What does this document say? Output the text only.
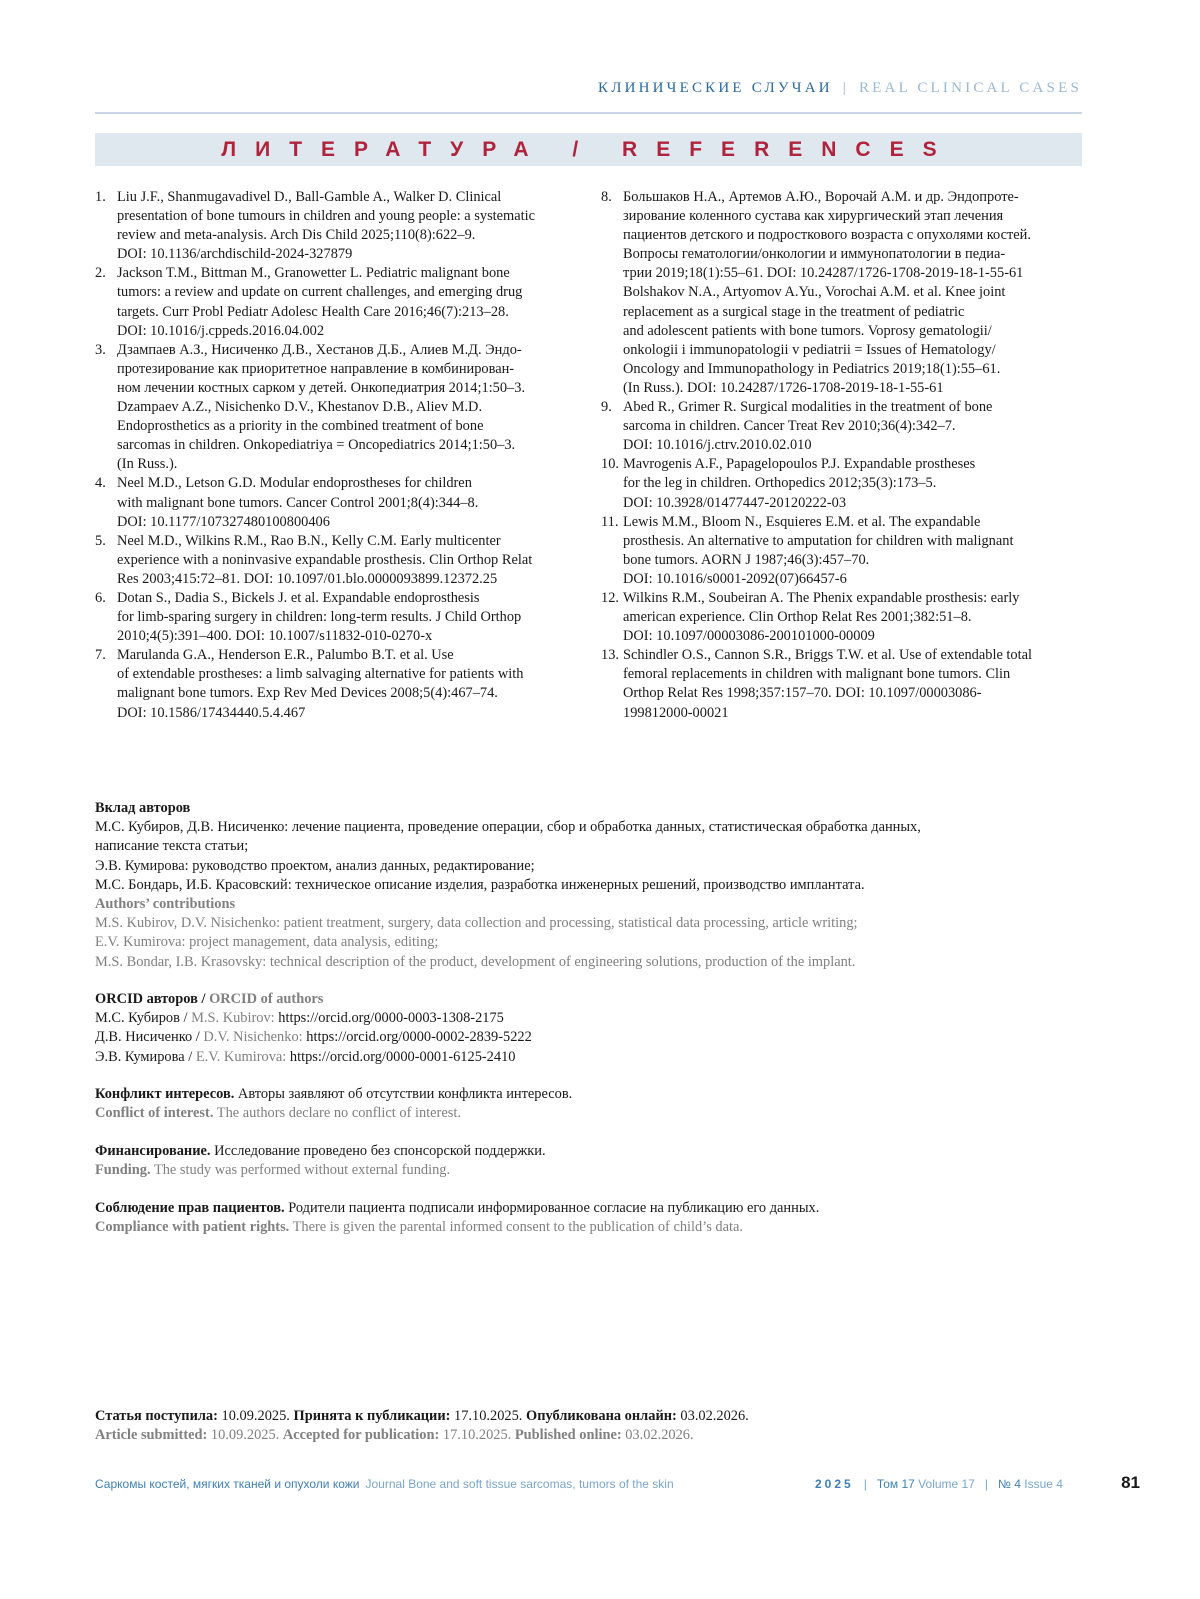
КЛИНИЧЕСКИЕ СЛУЧАИ | REAL CLINICAL CASES
ЛИТЕРАТУРА / REFERENCES
1. Liu J.F., Shanmugavadivel D., Ball-Gamble A., Walker D. Clinical
presentation of bone tumours in children and young people: a systematic
review and meta-analysis. Arch Dis Child 2025;110(8):622–9.
DOI: 10.1136/archdischild-2024-327879
2. Jackson T.M., Bittman M., Granowetter L. Pediatric malignant bone
tumors: a review and update on current challenges, and emerging drug
targets. Curr Probl Pediatr Adolesc Health Care 2016;46(7):213–28.
DOI: 10.1016/j.cppeds.2016.04.002
3. Дзампаев А.З., Нисиченко Д.В., Хестанов Д.Б., Алиев М.Д. Эндо-
протезирование как приоритетное направление в комбинирован-
ном лечении костных сарком у детей. Онкопедиатрия 2014;1:50–3.
Dzampaev A.Z., Nisichenko D.V., Khestanov D.B., Aliev M.D.
Endoprosthetics as a priority in the combined treatment of bone
sarcomas in children. Onkopediatriya = Oncopediatrics 2014;1:50–3.
(In Russ.).
4. Neel M.D., Letson G.D. Modular endoprostheses for children
with malignant bone tumors. Cancer Control 2001;8(4):344–8.
DOI: 10.1177/107327480100800406
5. Neel M.D., Wilkins R.M., Rao B.N., Kelly C.M. Early multicenter
experience with a noninvasive expandable prosthesis. Clin Orthop Relat
Res 2003;415:72–81. DOI: 10.1097/01.blo.0000093899.12372.25
6. Dotan S., Dadia S., Bickels J. et al. Expandable endoprosthesis
for limb-sparing surgery in children: long-term results. J Child Orthop
2010;4(5):391–400. DOI: 10.1007/s11832-010-0270-x
7. Marulanda G.A., Henderson E.R., Palumbo B.T. et al. Use
of extendable prostheses: a limb salvaging alternative for patients with
malignant bone tumors. Exp Rev Med Devices 2008;5(4):467–74.
DOI: 10.1586/17434440.5.4.467
8. Большаков Н.А., Артемов А.Ю., Ворочай А.М. и др. Эндопроте-
зирование коленного сустава как хирургический этап лечения
пациентов детского и подросткового возраста с опухолями костей.
Вопросы гематологии/онкологии и иммунопатологии в педиа-
трии 2019;18(1):55–61. DOI: 10.24287/1726-1708-2019-18-1-55-61
Bolshakov N.A., Artyomov A.Yu., Vorochai A.M. et al. Knee joint
replacement as a surgical stage in the treatment of pediatric
and adolescent patients with bone tumors. Voprosy gematologii/
onkologii i immunopatologii v pediatrii = Issues of Hematology/
Oncology and Immunopathology in Pediatrics 2019;18(1):55–61.
(In Russ.). DOI: 10.24287/1726-1708-2019-18-1-55-61
9. Abed R., Grimer R. Surgical modalities in the treatment of bone
sarcoma in children. Cancer Treat Rev 2010;36(4):342–7.
DOI: 10.1016/j.ctrv.2010.02.010
10. Mavrogenis A.F., Papagelopoulos P.J. Expandable prostheses
for the leg in children. Orthopedics 2012;35(3):173–5.
DOI: 10.3928/01477447-20120222-03
11. Lewis M.M., Bloom N., Esquieres E.M. et al. The expandable
prosthesis. An alternative to amputation for children with malignant
bone tumors. AORN J 1987;46(3):457–70.
DOI: 10.1016/s0001-2092(07)66457-6
12. Wilkins R.M., Soubeiran A. The Phenix expandable prosthesis: early
american experience. Clin Orthop Relat Res 2001;382:51–8.
DOI: 10.1097/00003086-200101000-00009
13. Schindler O.S., Cannon S.R., Briggs T.W. et al. Use of extendable total
femoral replacements in children with malignant bone tumors. Clin
Orthop Relat Res 1998;357:157–70. DOI: 10.1097/00003086-
199812000-00021

Вклад авторов

М.С. Кубиров, Д.В. Нисиченко: лечение пациента, проведение операции, сбор и обработка данных, статистическая обработка данных,

написание текста статьи;

Э.В. Кумирова: руководство проектом, анализ данных, редактирование;

М.С. Бондарь, И.Б. Красовский: техническое описание изделия, разработка инженерных решений, производство имплантата.

Authors’ contributions

M.S. Kubirov, D.V. Nisichenko: patient treatment, surgery, data collection and processing, statistical data processing, article writing;

E.V. Kumirova: project management, data analysis, editing;

M.S. Bondar, I.B. Krasovsky: technical description of the product, development of engineering solutions, production of the implant.

ORCID авторов / ORCID of authors

М.С. Кубиров / M.S. Kubirov: https://orcid.org/0000-0003-1308-2175

Д.В. Нисиченко / D.V. Nisichenko: https://orcid.org/0000-0002-2839-5222

Э.В. Кумирова / E.V. Kumirova: https://orcid.org/0000-0001-6125-2410

Конфликт интересов. Авторы заявляют об отсутствии конфликта интересов.

Conflict of interest. The authors declare no conflict of interest.

Финансирование. Исследование проведено без спонсорской поддержки.

Funding. The study was performed without external funding.

Соблюдение прав пациентов. Родители пациента подписали информированное согласие на публикацию его данных.

Compliance with patient rights. There is given the parental informed consent to the publication of child’s data.

Статья поступила: 10.09.2025. Принята к публикации: 17.10.2025. Опубликована онлайн: 03.02.2026.

Article submitted: 10.09.2025. Accepted for publication: 17.10.2025. Published online: 03.02.2026.

Саркомы костей, мягких тканей и опухоли кожи Journal Bone and soft tissue sarcomas, tumors of the skin	2025 | Том 17 Volume 17 | № 4 Issue 4	81
